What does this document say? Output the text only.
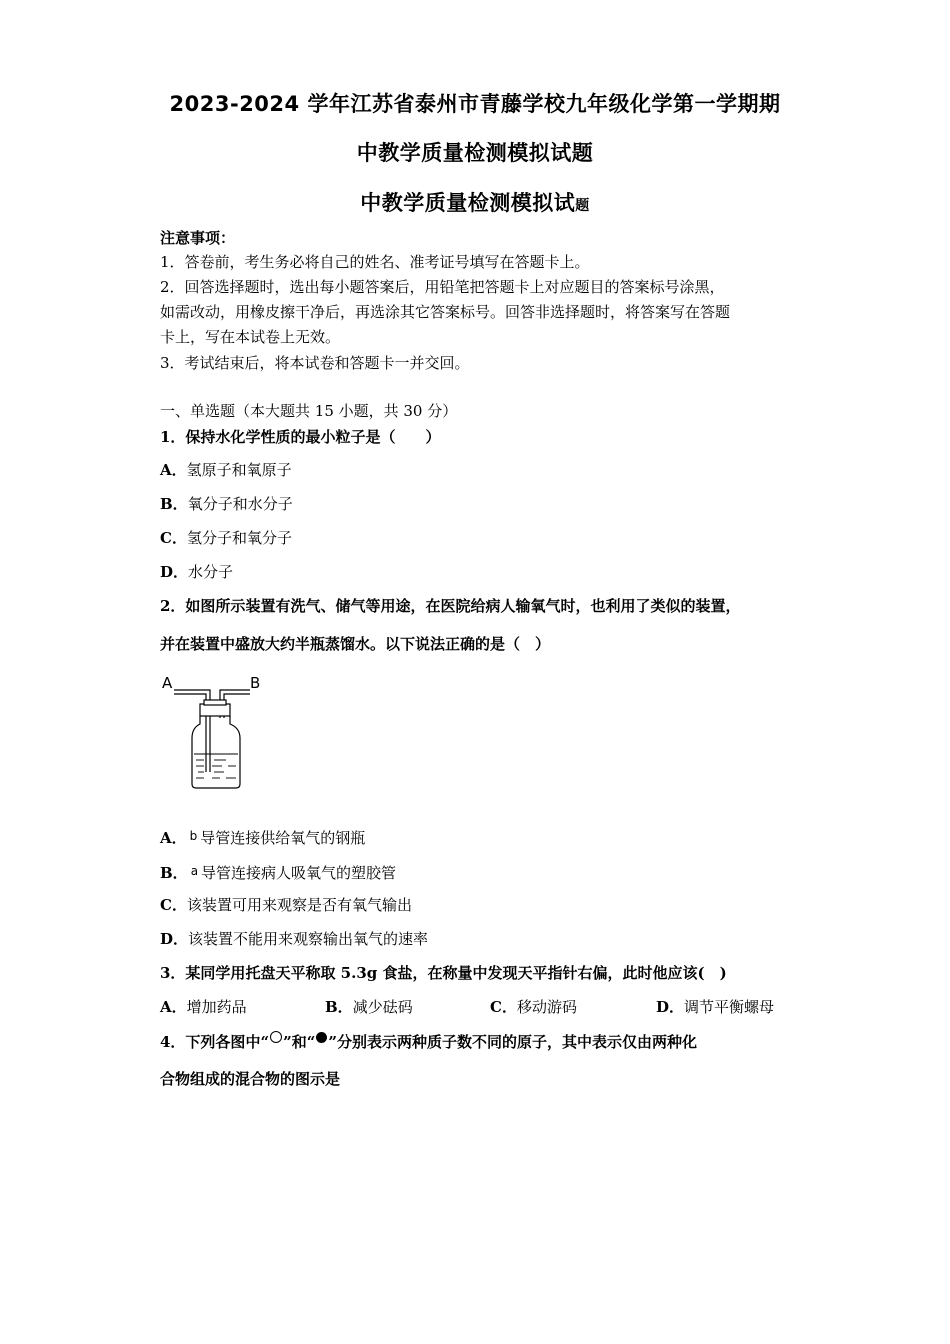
2023-2024 学年江苏省泰州市青藤学校九年级化学第一学期期
中教学质量检测模拟试题
中教学质量检测模拟试题
注意事项：
1．答卷前，考生务必将自己的姓名、准考证号填写在答题卡上。
2．回答选择题时，选出每小题答案后，用铅笔把答题卡上对应题目的答案标号涂黑，
如需改动，用橡皮擦干净后，再选涂其它答案标号。回答非选择题时，将答案写在答题
卡上，写在本试卷上无效。
3．考试结束后，将本试卷和答题卡一并交回。
一、单选题（本大题共 15 小题，共 30 分）
1．保持水化学性质的最小粒子是（　　）
A．氢原子和氧原子
B．氧分子和水分子
C．氢分子和氧分子
D．水分子
2．如图所示装置有洗气、储气等用途，在医院给病人输氧气时，也利用了类似的装置，
并在装置中盛放大约半瓶蒸馏水。以下说法正确的是（　）
A	B
A． $^b$ 导管连接供给氧气的钢瓶
B． $^a$ 导管连接病人吸氧气的塑胶管
C．该装置可用来观察是否有氧气输出
D．该装置不能用来观察输出氧气的速率
3．某同学用托盘天平称取 5.3g 食盐，在称量中发现天平指针右偏，此时他应该(　)
A．增加药品	B．减少砝码	C．移动游码	D．调节平衡螺母
4．下列各图中“ ”和“ ”分别表示两种质子数不同的原子，其中表示仅由两种化
合物组成的混合物的图示是
